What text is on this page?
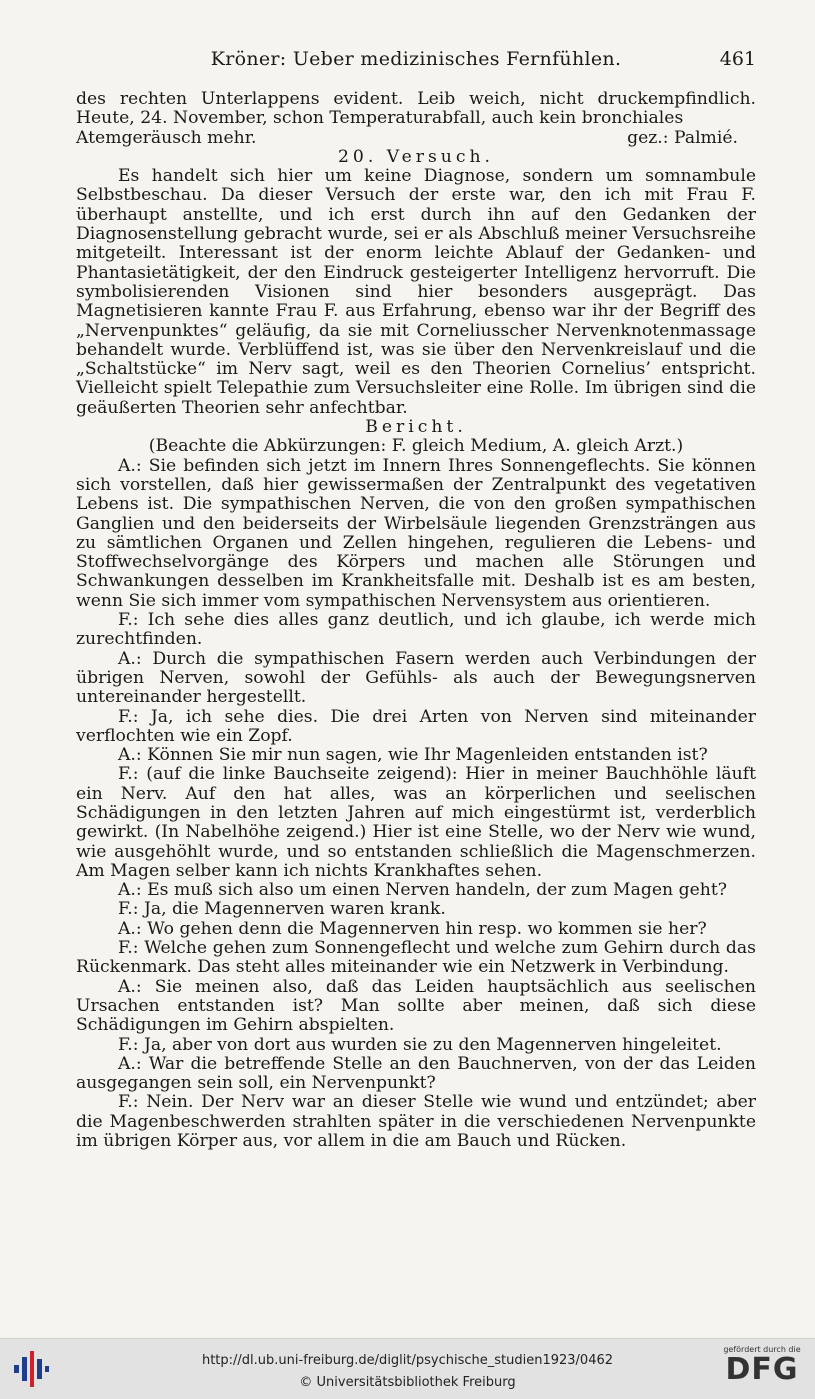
Kröner: Ueber medizinisches Fernfühlen.	461

des rechten Unterlappens evident. Leib weich, nicht druckempfindlich. Heute, 24. November, schon Temperaturabfall, auch kein bronchiales

Atemgeräusch mehr.	gez.: Palmié.

20. Versuch.

Es handelt sich hier um keine Diagnose, sondern um somnambule Selbstbeschau. Da dieser Versuch der erste war, den ich mit Frau F. überhaupt anstellte, und ich erst durch ihn auf den Gedanken der Diagnosenstellung gebracht wurde, sei er als Abschluß meiner Versuchsreihe mitgeteilt. Interessant ist der enorm leichte Ablauf der Gedanken- und Phantasietätigkeit, der den Eindruck gesteigerter Intelligenz hervorruft. Die symbolisierenden Visionen sind hier besonders ausgeprägt. Das Magnetisieren kannte Frau F. aus Erfahrung, ebenso war ihr der Begriff des „Nervenpunktes“ geläufig, da sie mit Corneliusscher Nervenknotenmassage behandelt wurde. Verblüffend ist, was sie über den Nervenkreislauf und die „Schaltstücke“ im Nerv sagt, weil es den Theorien Cornelius’ entspricht. Vielleicht spielt Telepathie zum Versuchsleiter eine Rolle. Im übrigen sind die geäußerten Theorien sehr anfechtbar.

Bericht.

(Beachte die Abkürzungen: F. gleich Medium, A. gleich Arzt.)

A.: Sie befinden sich jetzt im Innern Ihres Sonnengeflechts. Sie können sich vorstellen, daß hier gewissermaßen der Zentralpunkt des vegetativen Lebens ist. Die sympathischen Nerven, die von den großen sympathischen Ganglien und den beiderseits der Wirbelsäule liegenden Grenzsträngen aus zu sämtlichen Organen und Zellen hingehen, regulieren die Lebens- und Stoffwechselvorgänge des Körpers und machen alle Störungen und Schwankungen desselben im Krankheitsfalle mit. Deshalb ist es am besten, wenn Sie sich immer vom sympathischen Nervensystem aus orientieren.

F.: Ich sehe dies alles ganz deutlich, und ich glaube, ich werde mich zurechtfinden.

A.: Durch die sympathischen Fasern werden auch Verbindungen der übrigen Nerven, sowohl der Gefühls- als auch der Bewegungsnerven untereinander hergestellt.

F.: Ja, ich sehe dies. Die drei Arten von Nerven sind miteinander verflochten wie ein Zopf.

A.: Können Sie mir nun sagen, wie Ihr Magenleiden entstanden ist?

F.: (auf die linke Bauchseite zeigend): Hier in meiner Bauchhöhle läuft ein Nerv. Auf den hat alles, was an körperlichen und seelischen Schädigungen in den letzten Jahren auf mich eingestürmt ist, verderblich gewirkt. (In Nabelhöhe zeigend.) Hier ist eine Stelle, wo der Nerv wie wund, wie ausgehöhlt wurde, und so entstanden schließlich die Magenschmerzen. Am Magen selber kann ich nichts Krankhaftes sehen.

A.: Es muß sich also um einen Nerven handeln, der zum Magen geht?

F.: Ja, die Magennerven waren krank.

A.: Wo gehen denn die Magennerven hin resp. wo kommen sie her?

F.: Welche gehen zum Sonnengeflecht und welche zum Gehirn durch das Rückenmark. Das steht alles miteinander wie ein Netzwerk in Verbindung.

A.: Sie meinen also, daß das Leiden hauptsächlich aus seelischen Ursachen entstanden ist? Man sollte aber meinen, daß sich diese Schädigungen im Gehirn abspielten.

F.: Ja, aber von dort aus wurden sie zu den Magennerven hingeleitet.

A.: War die betreffende Stelle an den Bauchnerven, von der das Leiden ausgegangen sein soll, ein Nervenpunkt?

F.: Nein. Der Nerv war an dieser Stelle wie wund und entzündet; aber die Magenbeschwerden strahlten später in die verschiedenen Nervenpunkte im übrigen Körper aus, vor allem in die am Bauch und Rücken.

http://dl.ub.uni-freiburg.de/diglit/psychische_studien1923/0462
© Universitätsbibliothek Freiburg
gefördert durch die
DFG
